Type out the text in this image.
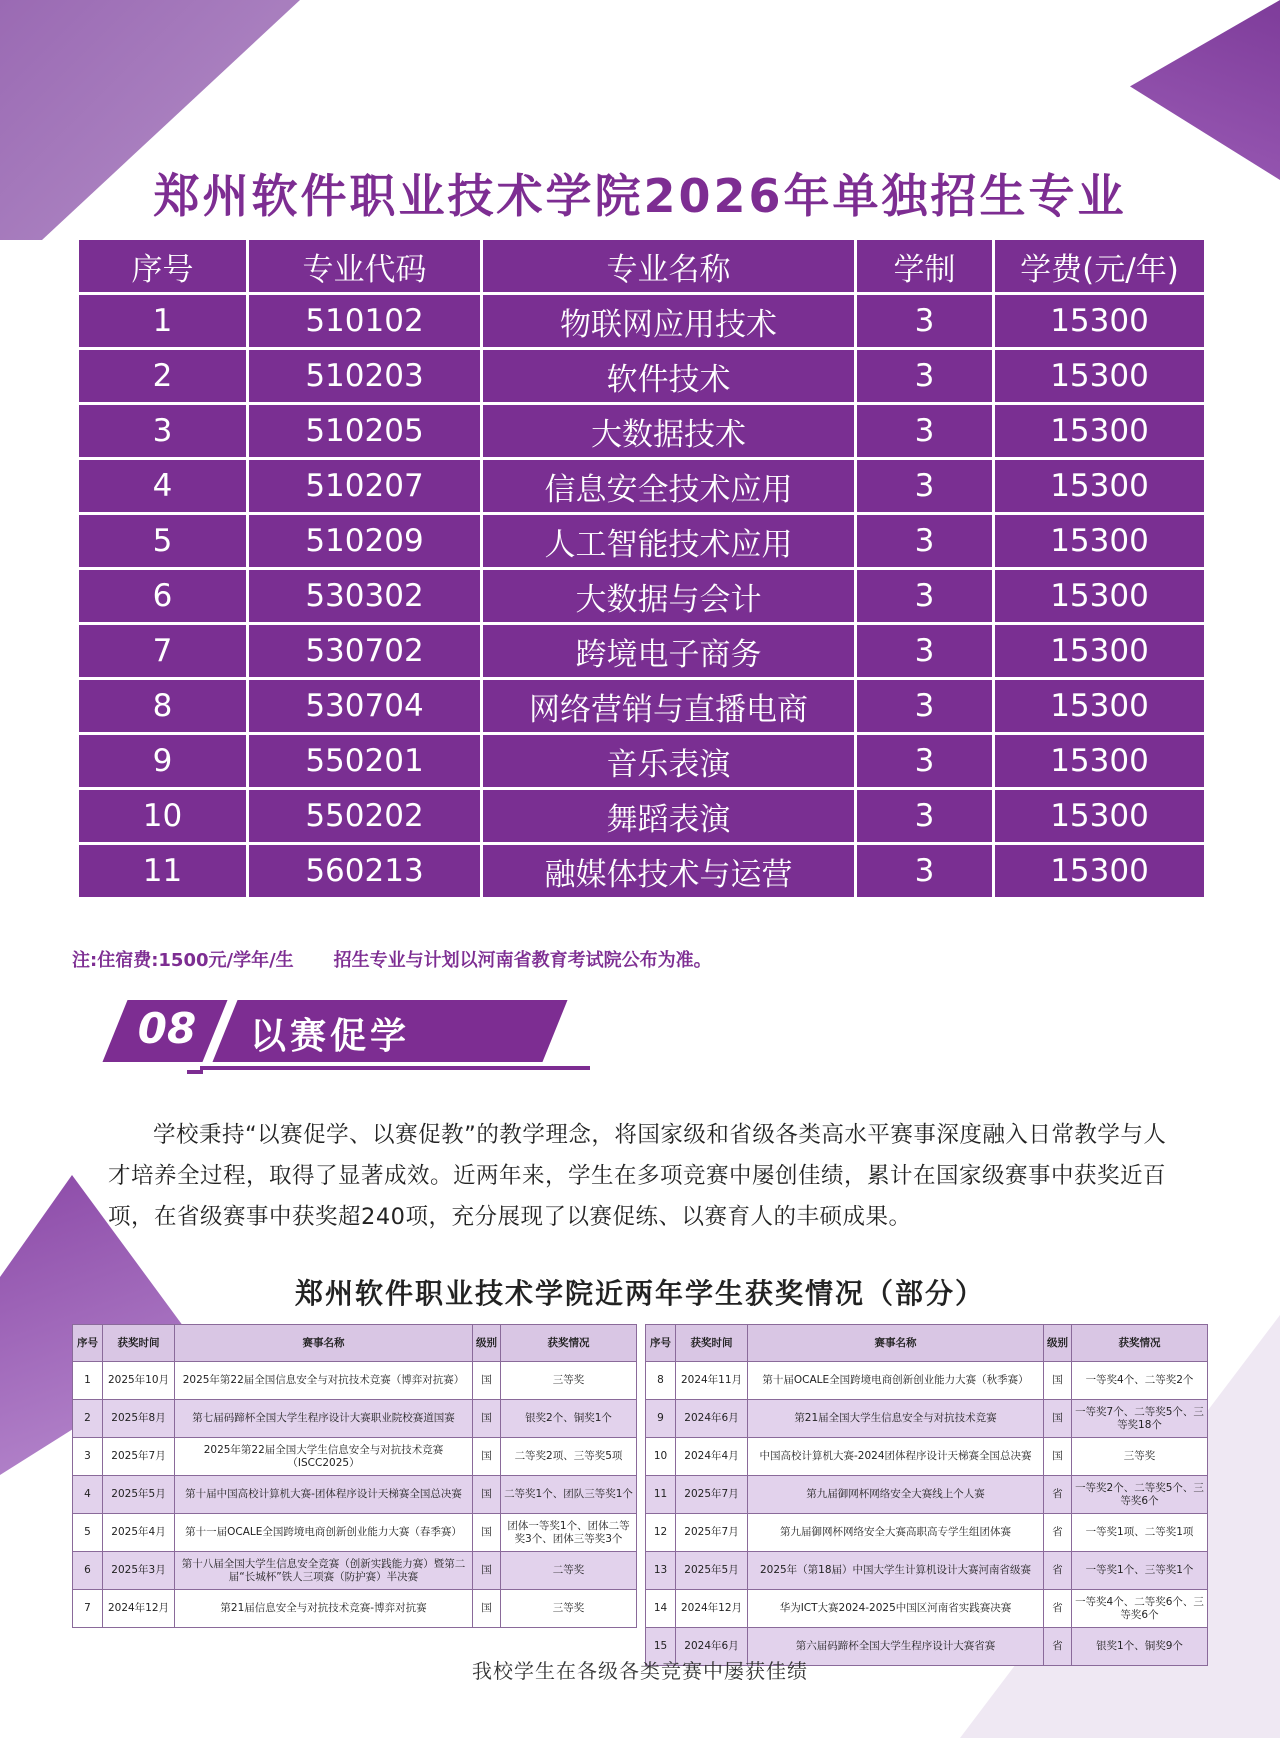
郑州软件职业技术学院2026年单独招生专业
序号	专业代码	专业名称	学制	学费(元/年)
1	510102	物联网应用技术	3	15300
2	510203	软件技术	3	15300
3	510205	大数据技术	3	15300
4	510207	信息安全技术应用	3	15300
5	510209	人工智能技术应用	3	15300
6	530302	大数据与会计	3	15300
7	530702	跨境电子商务	3	15300
8	530704	网络营销与直播电商	3	15300
9	550201	音乐表演	3	15300
10	550202	舞蹈表演	3	15300
11	560213	融媒体技术与运营	3	15300
注:住宿费:1500元/学年/生 招生专业与计划以河南省教育考试院公布为准。
08	以赛促学
学校秉持“以赛促学、以赛促教”的教学理念，将国家级和省级各类高水平赛事深度融入日常教学与人才培养全过程，取得了显著成效。近两年来，学生在多项竞赛中屡创佳绩，累计在国家级赛事中获奖近百项，在省级赛事中获奖超240项，充分展现了以赛促练、以赛育人的丰硕成果。
郑州软件职业技术学院近两年学生获奖情况（部分）
序号	获奖时间	赛事名称	级别	获奖情况
1	2025年10月	2025年第22届全国信息安全与对抗技术竞赛（博弈对抗赛）	国	三等奖
2	2025年8月	第七届码蹄杯全国大学生程序设计大赛职业院校赛道国赛	国	银奖2个、铜奖1个
3	2025年7月	2025年第22届全国大学生信息安全与对抗技术竞赛（ISCC2025）	国	二等奖2项、三等奖5项
4	2025年5月	第十届中国高校计算机大赛-团体程序设计天梯赛全国总决赛	国	二等奖1个、团队三等奖1个
5	2025年4月	第十一届OCALE全国跨境电商创新创业能力大赛（春季赛）	国	团体一等奖1个、团体二等奖3个、团体三等奖3个
6	2025年3月	第十八届全国大学生信息安全竞赛（创新实践能力赛）暨第二届“长城杯”铁人三项赛（防护赛）半决赛	国	二等奖
7	2024年12月	第21届信息安全与对抗技术竞赛-博弈对抗赛	国	三等奖
序号	获奖时间	赛事名称	级别	获奖情况
8	2024年11月	第十届OCALE全国跨境电商创新创业能力大赛（秋季赛）	国	一等奖4个、二等奖2个
9	2024年6月	第21届全国大学生信息安全与对抗技术竞赛	国	一等奖7个、二等奖5个、三等奖18个
10	2024年4月	中国高校计算机大赛-2024团体程序设计天梯赛全国总决赛	国	三等奖
11	2025年7月	第九届御网杯网络安全大赛线上个人赛	省	一等奖2个、二等奖5个、三等奖6个
12	2025年7月	第九届御网杯网络安全大赛高职高专学生组团体赛	省	一等奖1项、二等奖1项
13	2025年5月	2025年（第18届）中国大学生计算机设计大赛河南省级赛	省	一等奖1个、三等奖1个
14	2024年12月	华为ICT大赛2024-2025中国区河南省实践赛决赛	省	一等奖4个、二等奖6个、三等奖6个
15	2024年6月	第六届码蹄杯全国大学生程序设计大赛省赛	省	银奖1个、铜奖9个
我校学生在各级各类竞赛中屡获佳绩
